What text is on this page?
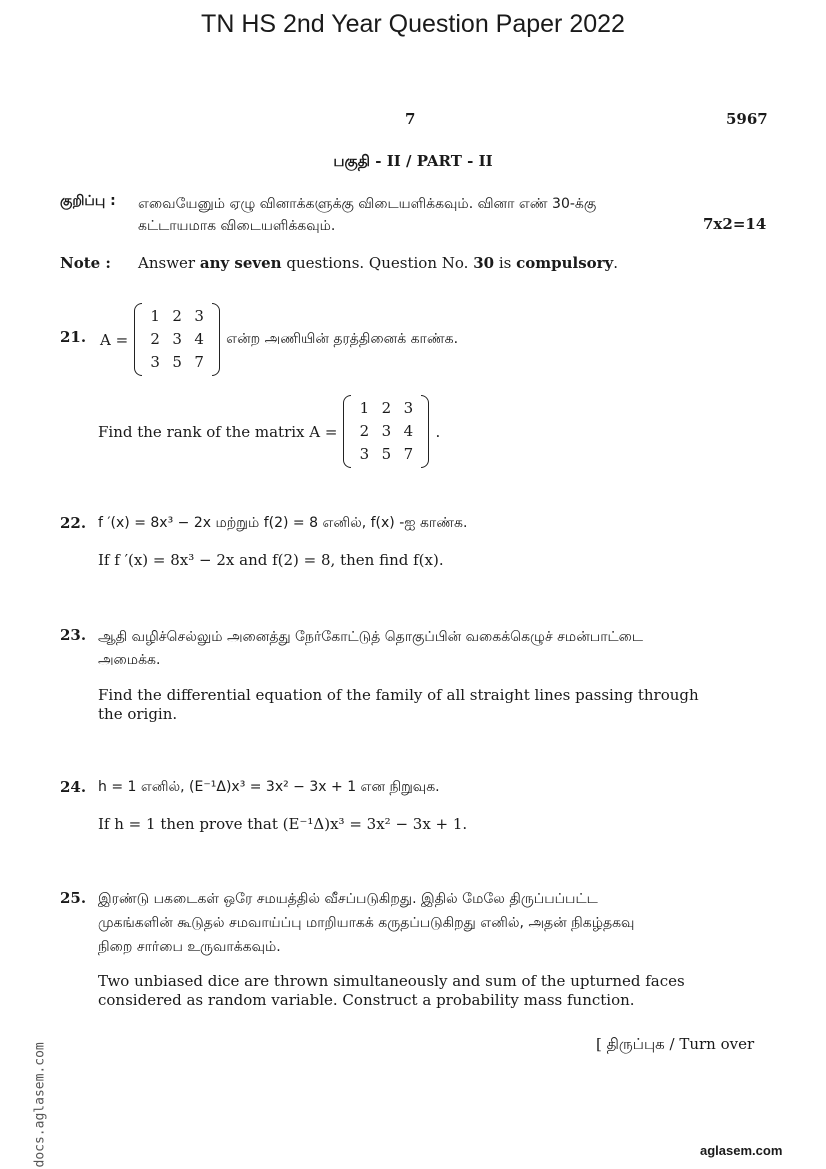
TN HS 2nd Year Question Paper 2022
7	5967
பகுதி - II / PART - II
குறிப்பு : எவையேனும் ஏழு வினாக்களுக்கு விடையளிக்கவும். வினா எண் 30-க்கு
கட்டாயமாக விடையளிக்கவும்.	7x2=14
Note : Answer any seven questions. Question No. 30 is compulsory.
21. A =
1 2 3
2 3 4
3 5 7
என்ற அணியின் தரத்தினைக் காண்க.
Find the rank of the matrix A =
1 2 3
2 3 4
3 5 7
.
22. f ′(x) = 8x³ − 2x மற்றும் f(2) = 8 எனில், f(x) -ஐ காண்க.
If f ′(x) = 8x³ − 2x and f(2) = 8, then find f(x).
23. ஆதி வழிச்செல்லும் அனைத்து நேர்கோட்டுத் தொகுப்பின் வகைக்கெழுச் சமன்பாட்டை
அமைக்க.
Find the differential equation of the family of all straight lines passing through
the origin.
24. h = 1 எனில், (E⁻¹Δ)x³ = 3x² − 3x + 1 என நிறுவுக.
If h = 1 then prove that (E⁻¹Δ)x³ = 3x² − 3x + 1.
25. இரண்டு பகடைகள் ஒரே சமயத்தில் வீசப்படுகிறது. இதில் மேலே திருப்பப்பட்ட
முகங்களின் கூடுதல் சமவாய்ப்பு மாறியாகக் கருதப்படுகிறது எனில், அதன் நிகழ்தகவு
நிறை சார்பை உருவாக்கவும்.
Two unbiased dice are thrown simultaneously and sum of the upturned faces
considered as random variable. Construct a probability mass function.
[ திருப்புக / Turn over
docs.aglasem.com	aglasem.com
